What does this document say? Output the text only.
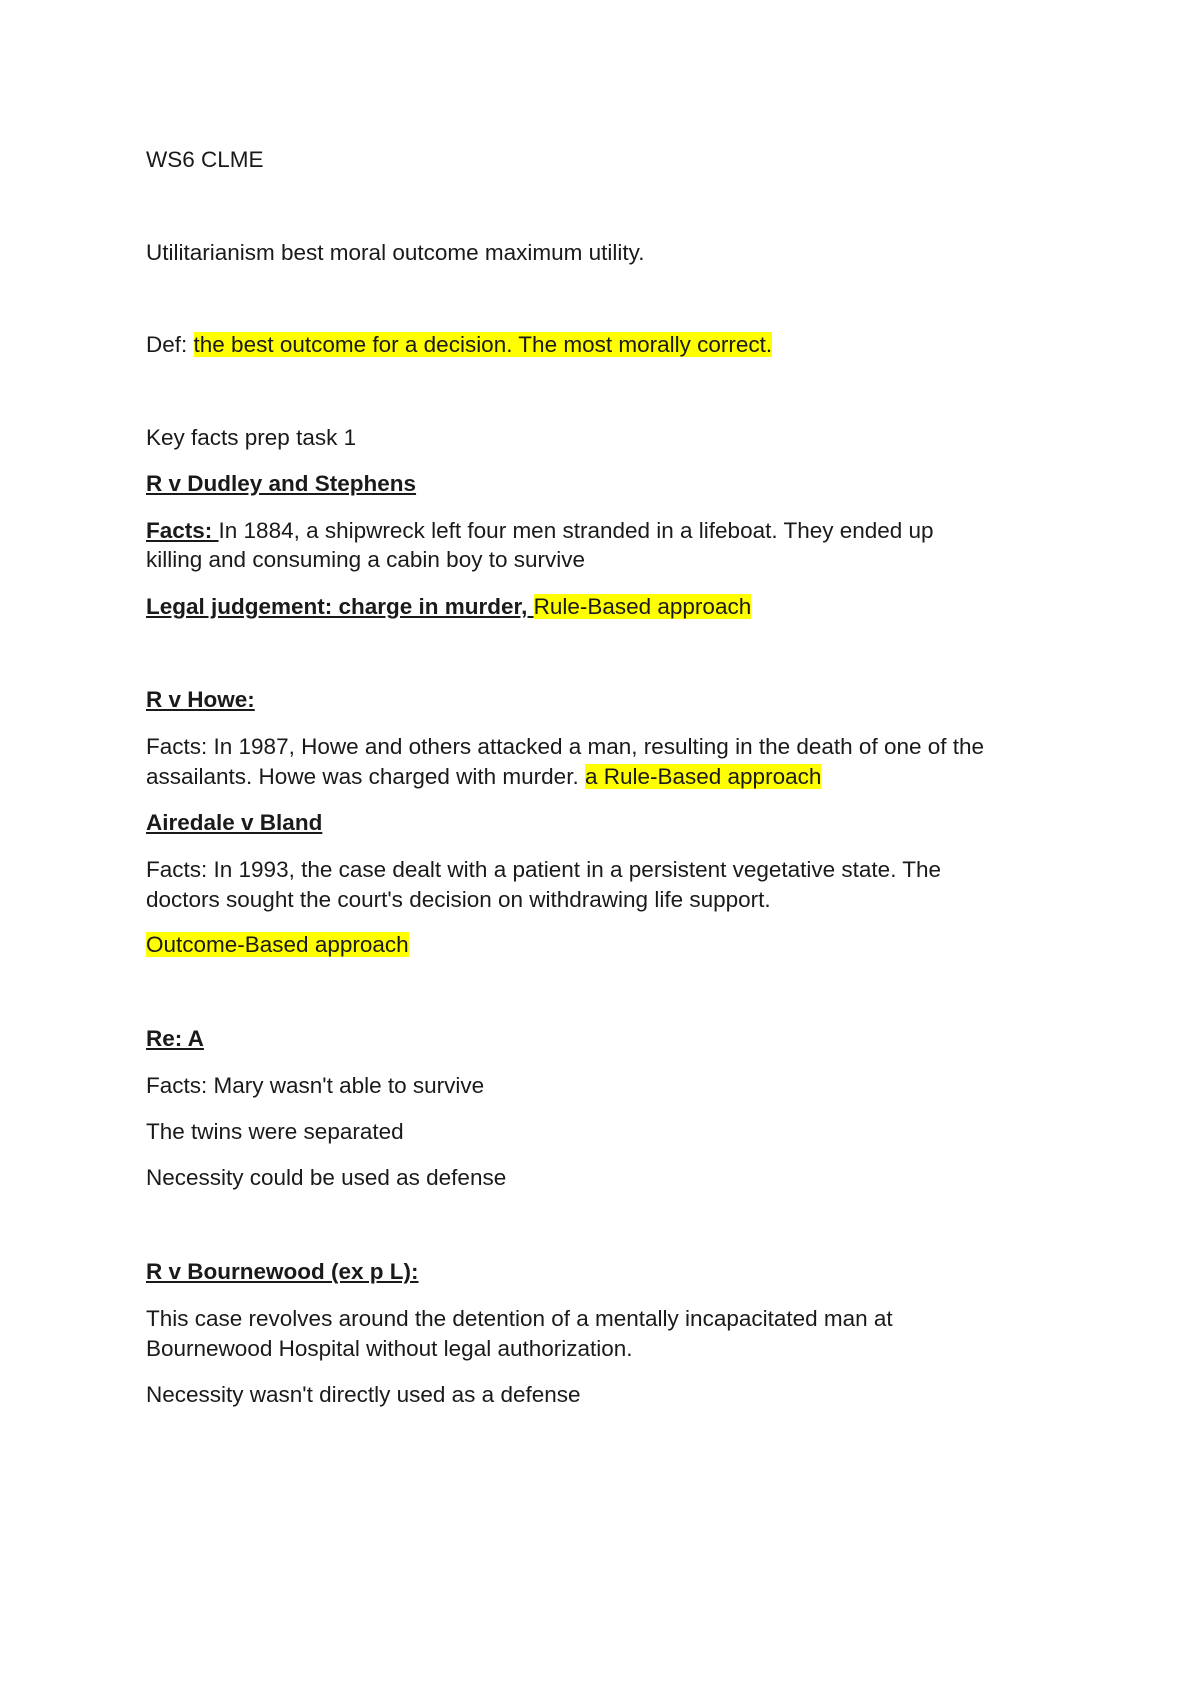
WS6 CLME
Utilitarianism best moral outcome maximum utility.
Def: the best outcome for a decision. The most morally correct.
Key facts prep task 1
R v Dudley and Stephens
Facts: In 1884, a shipwreck left four men stranded in a lifeboat. They ended up
killing and consuming a cabin boy to survive
Legal judgement: charge in murder, Rule-Based approach
R v Howe:
Facts: In 1987, Howe and others attacked a man, resulting in the death of one of the
assailants. Howe was charged with murder. a Rule-Based approach
Airedale v Bland
Facts: In 1993, the case dealt with a patient in a persistent vegetative state. The
doctors sought the court's decision on withdrawing life support.
Outcome-Based approach
Re: A
Facts: Mary wasn't able to survive
The twins were separated
Necessity could be used as defense
R v Bournewood (ex p L):
This case revolves around the detention of a mentally incapacitated man at
Bournewood Hospital without legal authorization.
Necessity wasn't directly used as a defense
